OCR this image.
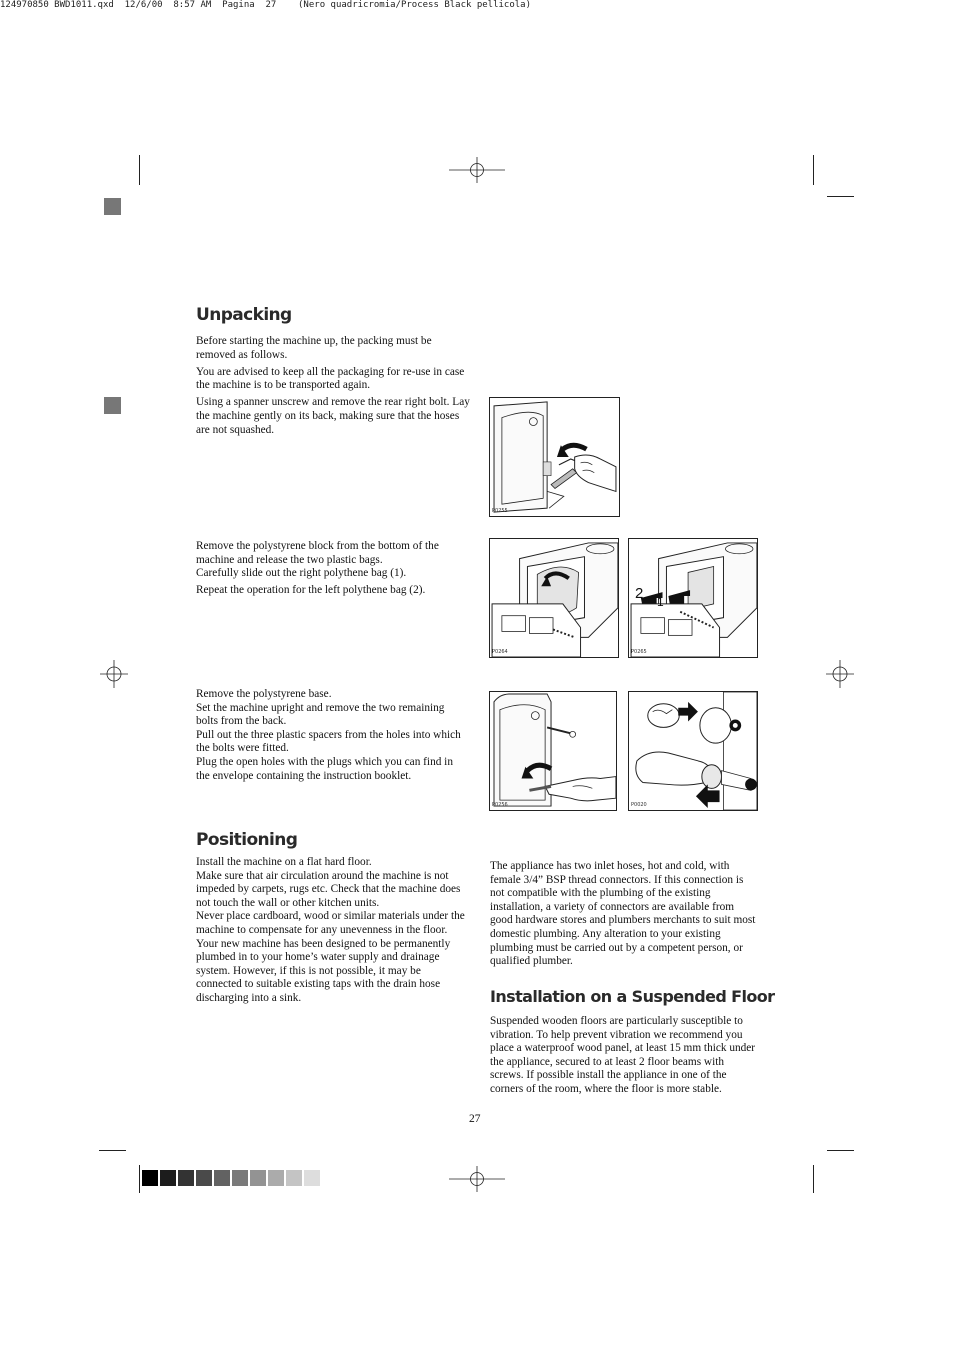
124970850 BWD1011.qxd  12/6/00  8:57 AM  Pagina  27    (Nero quadricromia/Process Black pellicola)
Unpacking

Before starting the machine up, the packing must be removed as follows.

You are advised to keep all the packaging for re-use in case the machine is to be transported again.

Using a spanner unscrew and remove the rear right bolt. Lay the machine gently on its back, making sure that the hoses are not squashed.

Remove the polystyrene block from the bottom of the machine and release the two plastic bags.

Carefully slide out the right polythene bag (1).

Repeat the operation for the left polythene bag (2).

Remove the polystyrene base.
Set the machine upright and remove the two remaining bolts from the back.
Pull out the three plastic spacers from the holes into which the bolts were fitted.
Plug the open holes with the plugs which you can find in the envelope containing the instruction booklet.
P0255
P0264
2 1
P0265
P0256	P0020
Positioning
Install the machine on a flat hard floor.
Make sure that air circulation around the machine is not impeded by carpets, rugs etc. Check that the machine does not touch the wall or other kitchen units.
Never place cardboard, wood or similar materials under the machine to compensate for any unevenness in the floor.
Your new machine has been designed to be permanently plumbed in to your home’s water supply and drainage system. However, if this is not possible, it may be connected to suitable existing taps with the drain hose discharging into a sink.
The appliance has two inlet hoses, hot and cold, with female 3/4” BSP thread connectors. If this connection is not compatible with the plumbing of the existing installation, a variety of connectors are available from good hardware stores and plumbers merchants to suit most domestic plumbing. Any alteration to your existing plumbing must be carried out by a competent person, or qualified plumber.
Installation on a Suspended Floor
Suspended wooden floors are particularly susceptible to vibration. To help prevent vibration we recommend you place a waterproof wood panel, at least 15 mm thick under the appliance, secured to at least 2 floor beams with screws. If possible install the appliance in one of the corners of the room, where the floor is more stable.
27
